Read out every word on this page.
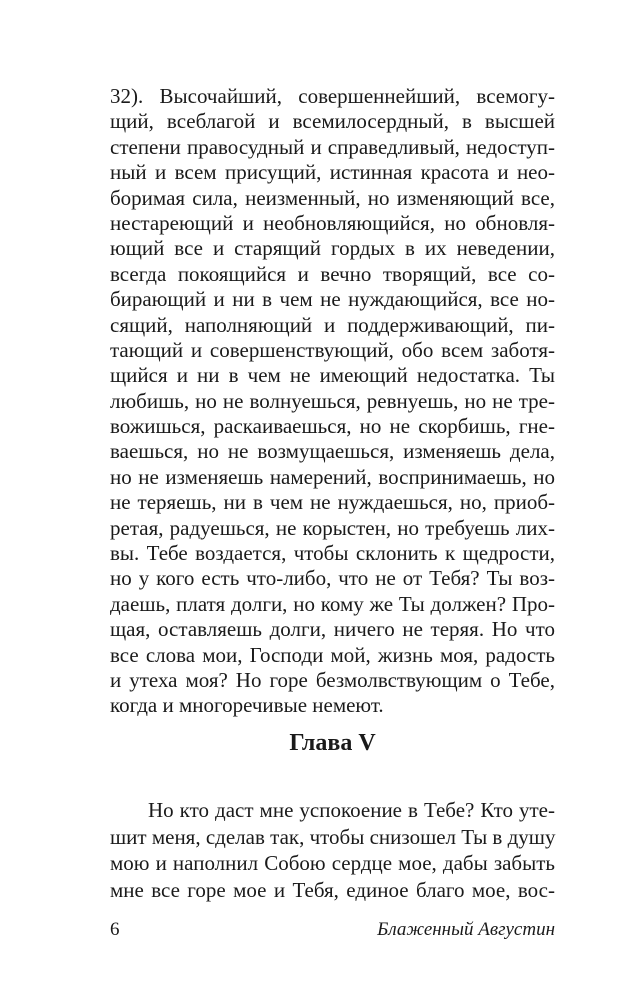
32). Высочайший, совершеннейший, всемогу-
щий, всеблагой и всемилосердный, в высшей
степени правосудный и справедливый, недоступ-
ный и всем присущий, истинная красота и нео-
боримая сила, неизменный, но изменяющий все,
нестареющий и необновляющийся, но обновля-
ющий все и старящий гордых в их неведении,
всегда покоящийся и вечно творящий, все со-
бирающий и ни в чем не нуждающийся, все но-
сящий, наполняющий и поддерживающий, пи-
тающий и совершенствующий, обо всем заботя-
щийся и ни в чем не имеющий недостатка. Ты
любишь, но не волнуешься, ревнуешь, но не тре-
вожишься, раскаиваешься, но не скорбишь, гне-
ваешься, но не возмущаешься, изменяешь дела,
но не изменяешь намерений, воспринимаешь, но
не теряешь, ни в чем не нуждаешься, но, приоб-
ретая, радуешься, не корыстен, но требуешь лих-
вы. Тебе воздается, чтобы склонить к щедрости,
но у кого есть что-либо, что не от Тебя? Ты воз-
даешь, платя долги, но кому же Ты должен? Про-
щая, оставляешь долги, ничего не теряя. Но что
все слова мои, Господи мой, жизнь моя, радость
и утеха моя? Но горе безмолвствующим о Тебе,
когда и многоречивые немеют.
Глава V
Но кто даст мне успокоение в Тебе? Кто уте-
шит меня, сделав так, чтобы снизошел Ты в душу
мою и наполнил Собою сердце мое, дабы забыть
мне все горе мое и Тебя, единое благо мое, вос-
6	Блаженный Августин
